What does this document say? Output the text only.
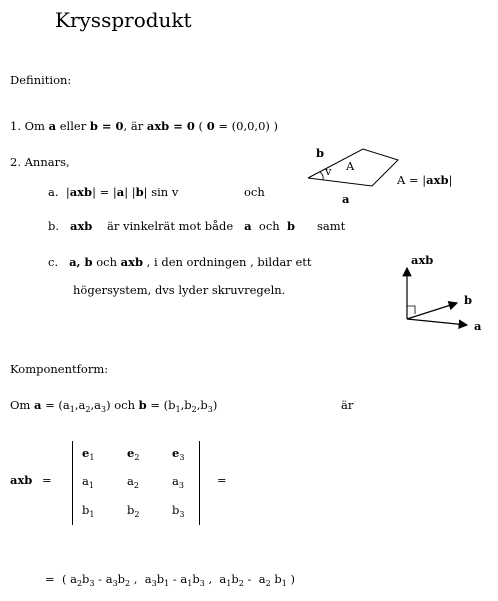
Kryssprodukt
Definition:
1. Om a eller b = 0, är axb = 0 ( 0 = (0,0,0) )
2. Annars,
a. |axb| = |a| |b| sin v	och
b. axb är vinkelrät mot både a och b samt
c. a, b och axb , i den ordningen , bildar ett
högersystem, dvs lyder skruvregeln.
b
v A
a
A = |axb|
axb
b
a
Komponentform:
Om $a = (a_1,a_2,a_3)$ och $b = (b_1,b_2,b_3)$	är
axb =	=
$e_1$	$e_2$	$e_3$
$a_1$	$a_2$	$a_3$
$b_1$	$b_2$	$b_3$
=  ( $a_2b_3 - a_3b_2$ ,  $a_3b_1 - a_1b_3$ ,  $a_1b_2 - a_2$ $b_1$ )
